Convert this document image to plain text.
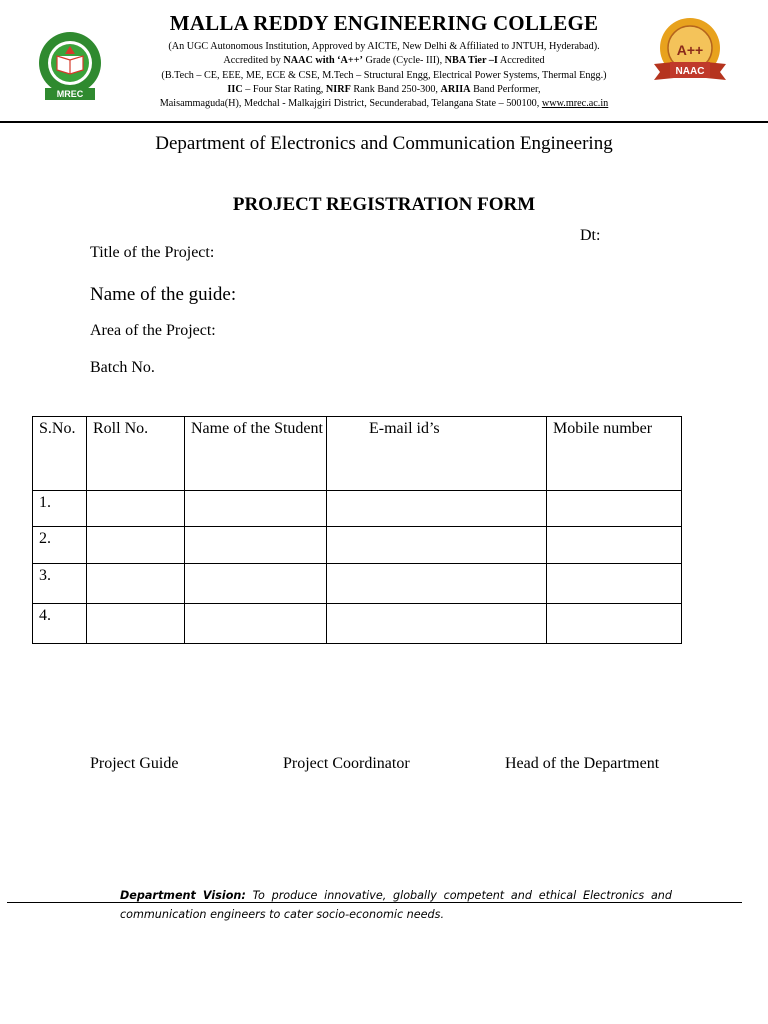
MREC
MALLA REDDY ENGINEERING COLLEGE
(An UGC Autonomous Institution, Approved by AICTE, New Delhi & Affiliated to JNTUH, Hyderabad).
Accredited by NAAC with ‘A++’ Grade (Cycle- III), NBA Tier –I Accredited
(B.Tech – CE, EEE, ME, ECE & CSE, M.Tech – Structural Engg, Electrical Power Systems, Thermal Engg.)
IIC – Four Star Rating, NIRF Rank Band 250-300, ARIIA Band Performer,
Maisammaguda(H), Medchal - Malkajgiri District, Secunderabad, Telangana State – 500100, www.mrec.ac.in
A++
NAAC
Department of Electronics and Communication Engineering
PROJECT REGISTRATION FORM
Dt:
Title of the Project:
Name of the guide:
Area of the Project:
Batch No.
S.No.	Roll No.	Name of the Student	E-mail id’s	Mobile number
1.				
2.				
3.				
4.				
Project Guide	Project Coordinator	Head of the Department
Department Vision: To produce innovative, globally competent and ethical Electronics and communication engineers to cater socio-economic needs.
